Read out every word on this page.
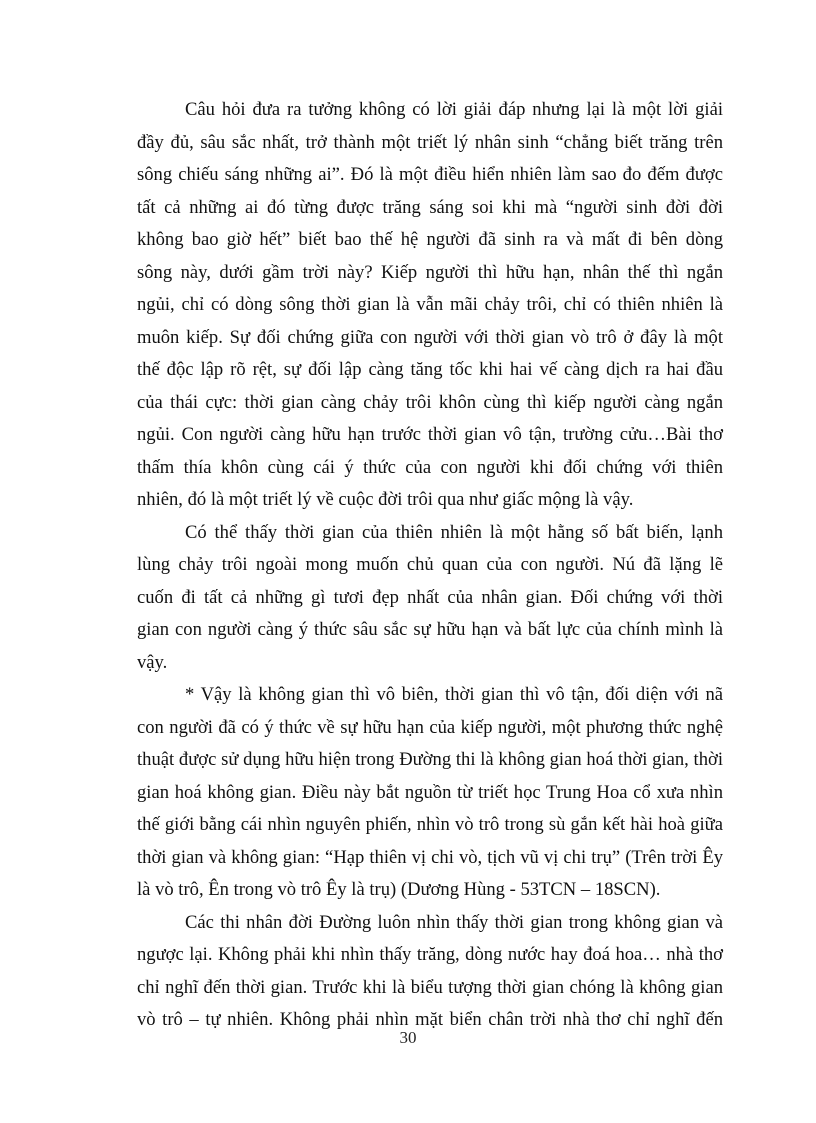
Câu hỏi đưa ra tưởng không có lời giải đáp nhưng lại là một lời giải
đầy đủ, sâu sắc nhất, trở thành một triết lý nhân sinh “chẳng biết trăng trên
sông chiếu sáng những ai”. Đó là một điều hiển nhiên làm sao đo đếm được
tất cả những ai đó từng được trăng sáng soi khi mà “người sinh đời đời
không bao giờ hết” biết bao thế hệ người đã sinh ra và mất đi bên dòng
sông này, dưới gầm trời này? Kiếp người thì hữu hạn, nhân thế thì ngắn
ngủi, chỉ có dòng sông thời gian là vẫn mãi chảy trôi, chỉ có thiên nhiên là
muôn kiếp. Sự đối chứng giữa con người với thời gian vò trô ở đây là một
thế độc lập rõ rệt, sự đối lập càng tăng tốc khi hai vế càng dịch ra hai đầu
của thái cực: thời gian càng chảy trôi khôn cùng thì kiếp người càng ngắn
ngủi. Con người càng hữu hạn trước thời gian vô tận, trường cửu…Bài thơ
thấm thía khôn cùng cái ý thức của con người khi đối chứng với thiên
nhiên, đó là một triết lý về cuộc đời trôi qua như giấc mộng là vậy.
Có thể thấy thời gian của thiên nhiên là một hằng số bất biến, lạnh
lùng chảy trôi ngoài mong muốn chủ quan của con người. Nú đã lặng lẽ
cuốn đi tất cả những gì tươi đẹp nhất của nhân gian. Đối chứng với thời
gian con người càng ý thức sâu sắc sự hữu hạn và bất lực của chính mình là
vậy.
* Vậy là không gian thì vô biên, thời gian thì vô tận, đối diện với nã
con người đã có ý thức về sự hữu hạn của kiếp người, một phương thức nghệ
thuật được sử dụng hữu hiện trong Đường thi là không gian hoá thời gian, thời
gian hoá không gian. Điều này bắt nguồn từ triết học Trung Hoa cổ xưa nhìn
thế giới bằng cái nhìn nguyên phiến, nhìn vò trô trong sù gắn kết hài hoà giữa
thời gian và không gian: “Hạp thiên vị chi vò, tịch vũ vị chi trụ” (Trên trời Êy
là vò trô, Ên trong vò trô Êy là trụ) (Dương Hùng - 53TCN – 18SCN).
Các thi nhân đời Đường luôn nhìn thấy thời gian trong không gian và
ngược lại. Không phải khi nhìn thấy trăng, dòng nước hay đoá hoa… nhà thơ
chỉ nghĩ đến thời gian. Trước khi là biểu tượng thời gian chóng là không gian
vò trô – tự nhiên. Không phải nhìn mặt biển chân trời nhà thơ chỉ nghĩ đến
30
